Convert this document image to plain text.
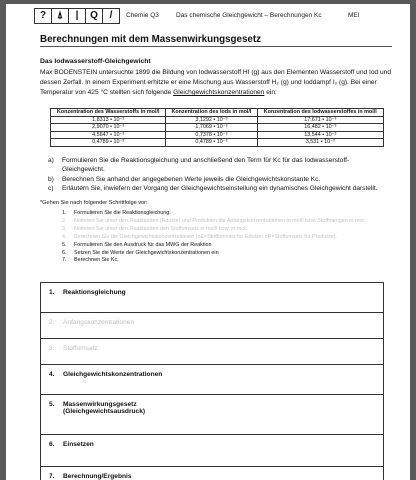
?	⍋	|	Q	/	Chemie Q3	Das chemische Gleichgewicht – Berechnungen Kc	MEI
Berechnungen mit dem Massenwirkungsgesetz
Das Iodwasserstoff-Gleichgewicht
Max BODENSTEIN untersuchte 1899 die Bildung von Iodwasserstoff HI (g) aus den Elementen Wasserstoff und Iod und dessen Zerfall. In einem Experiment erhitzte er eine Mischung aus Wasserstoff H₂ (g) und Ioddampf I₂ (g). Bei einer Temperatur von 425 °C stellten sich folgende Gleichgewichtskonzentrationen ein:
Konzentration des Wasserstoffs in mol/l	Konzentration des Iods in mol/l	Konzentration des Iodwasserstoffes in mol/l
1,8313 • 10⁻³	3,1292 • 10⁻³	17,671 • 10⁻³
2,9070 • 10⁻³	1,7069 • 10⁻³	16,482 • 10⁻³
4,5647 • 10⁻³	0,7378 • 10⁻³	13,544 • 10⁻³
0,4789 • 10⁻³	0,4789 • 10⁻³	3,531 • 10⁻³
a)	Formulieren Sie die Reaktionsgleichung und anschließend den Term für Kc für das Iodwasserstoff-Gleichgewicht.
b)	Berechnen Sie anhand der angegebenen Werte jeweils die Gleichgewichtskonstante Kc.
c)	Erläutern Sie, inwiefern der Vorgang der Gleichgewichtseinstellung ein dynamisches Gleichgewicht darstellt.
*Gehen Sie nach folgender Schrittfolge vor:
1.	Formulieren Sie die Reaktionsgleichung.
2.	Notieren Sie unter den Reaktanden (Edukte) und Produkten die Anfangskonzentrationen in mol/l bzw. Stoffmengen in mol.
3.	Notieren Sie unter den Reaktanden den Stoffumsatz in mol/l bzw. in mol.
4.	Berechnen Sie die Gleichgewichtskonzentrationen (nE=Stoffumsatz für Edukte; nP=Stoffumsatz für Produkte).
5.	Formulieren Sie den Ausdruck für das MWG der Reaktion
6.	Setzen Sie die Werte der Gleichgewichtskonzentrationen ein
7.	Berechnen Sie Kc.
1.	Reaktionsgleichung
2.	Anfangskonzentrationen
3.	Stoffumsatz
4.	Gleichgewichtskonzentrationen
5.	Massenwirkungsgesetz (Gleichgewichtsausdruck)
6.	Einsetzen
7.	Berechnung/Ergebnis
